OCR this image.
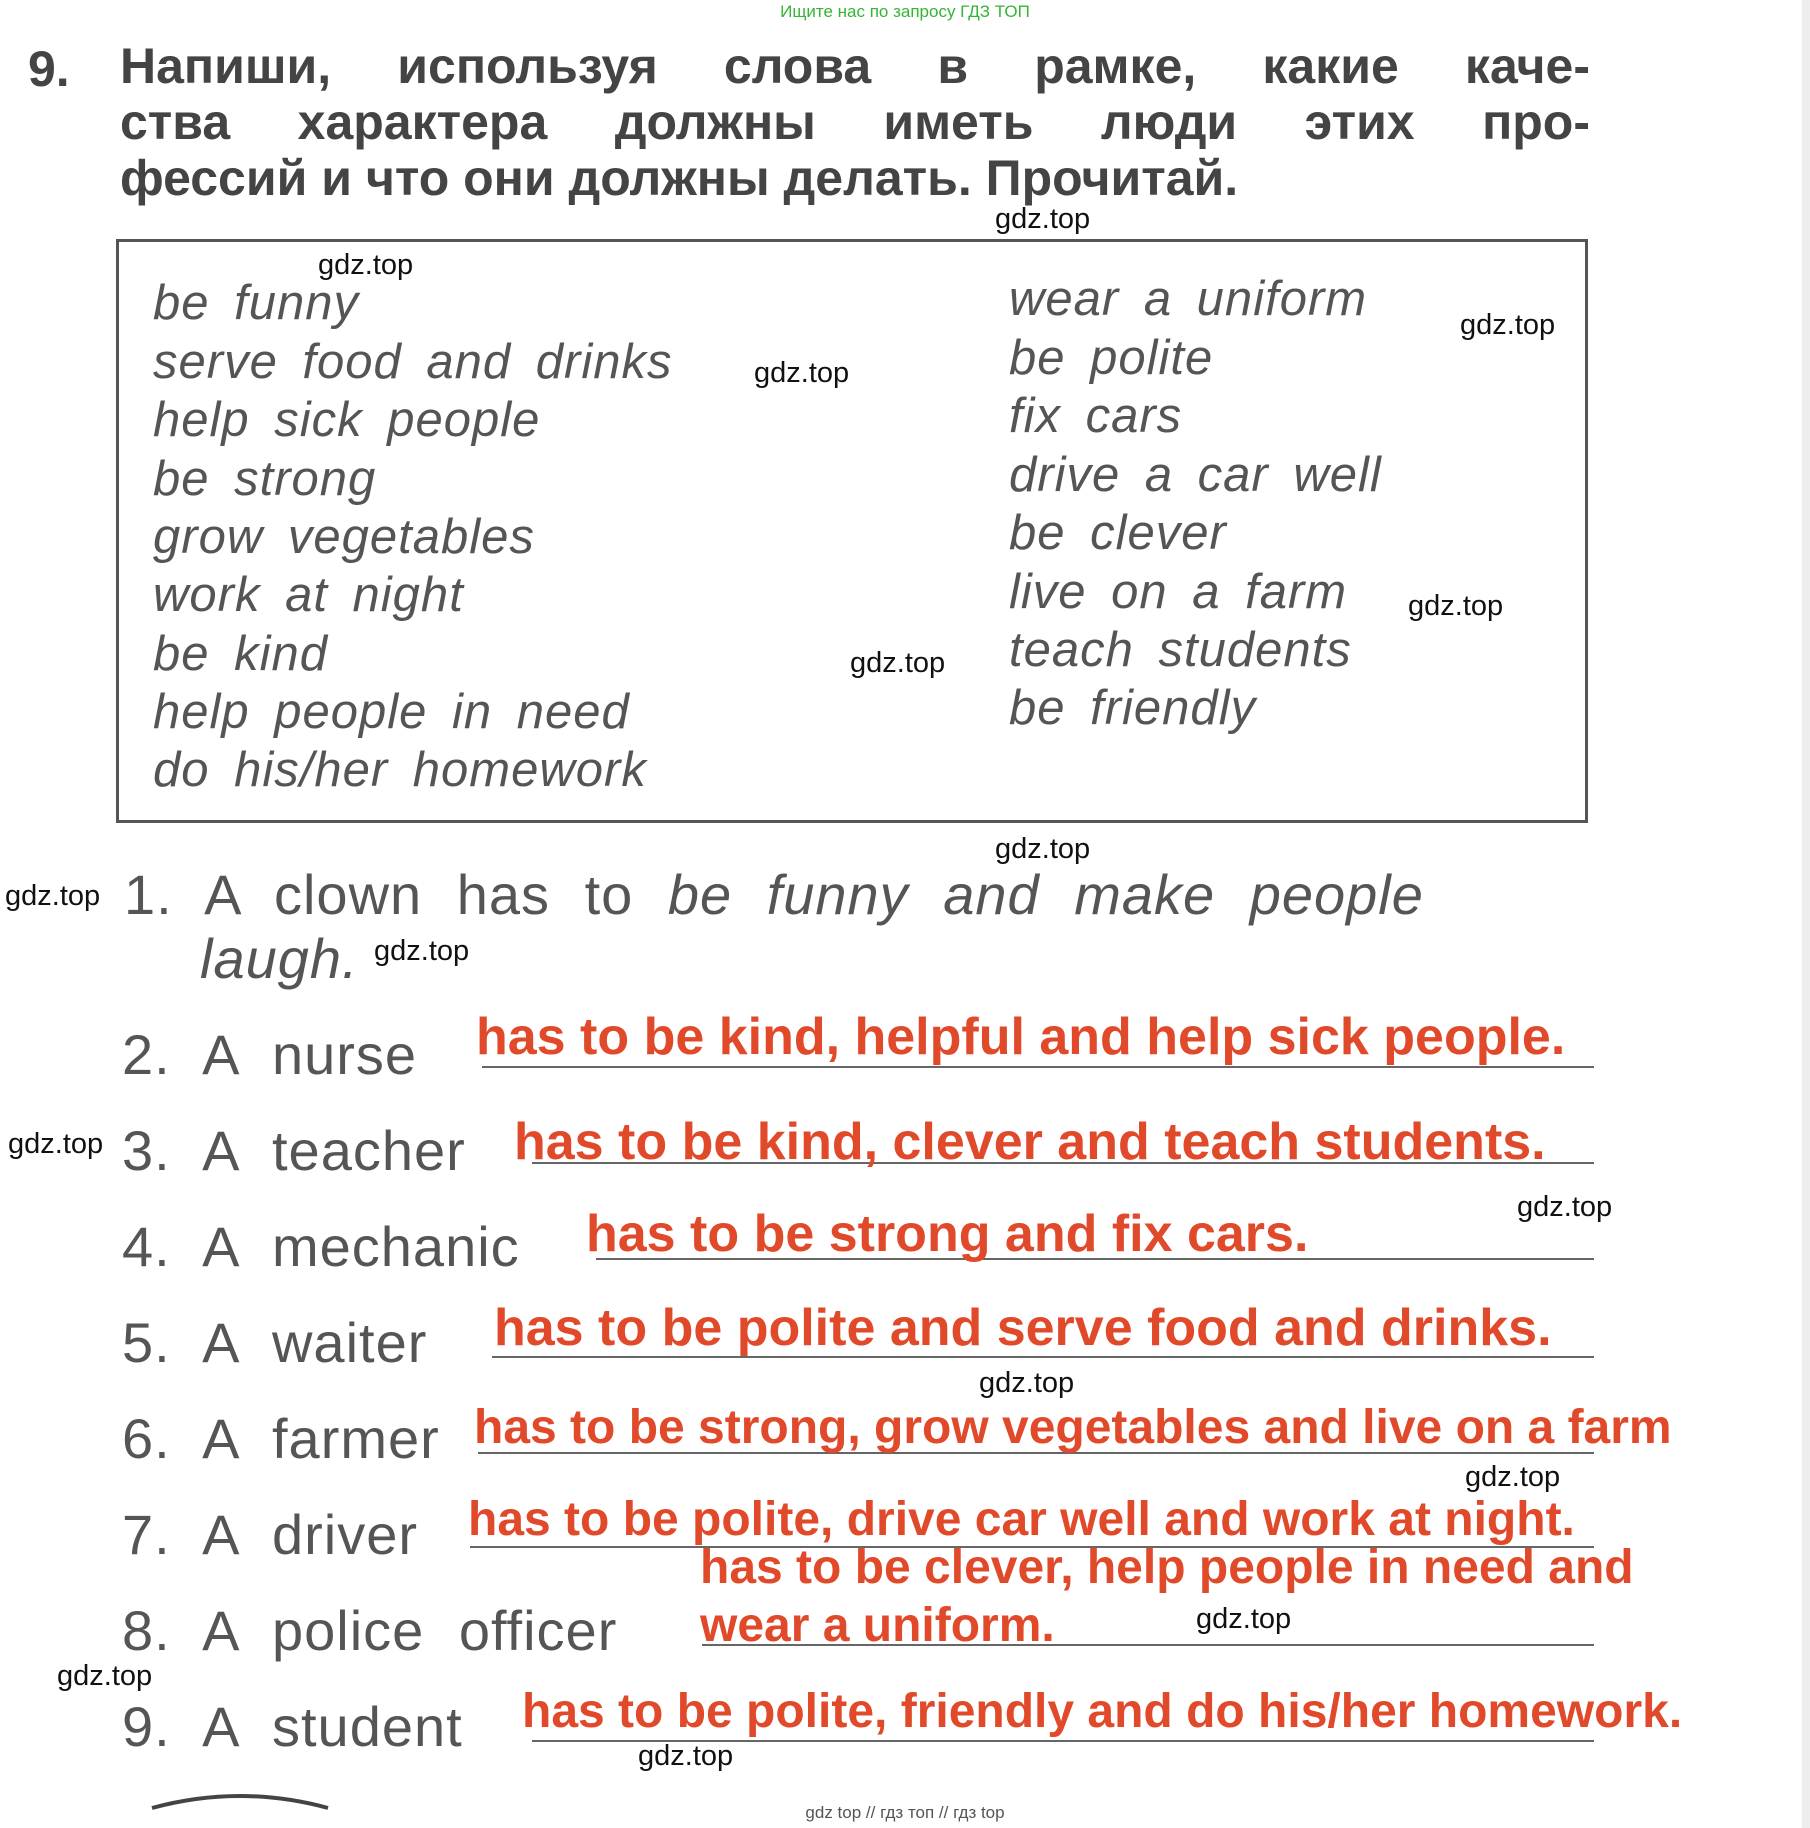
Ищите нас по запросу ГДЗ ТОП
9. Напиши, используя слова в рамке, какие каче-
ства характера должны иметь люди этих про-
фессий и что они должны делать. Прочитай.
be funny
serve food and drinks
help sick people
be strong
grow vegetables
work at night
be kind
help people in need
do his/her homework
wear a uniform
be polite
fix cars
drive a car well
be clever
live on a farm
teach students
be friendly
1. A clown has to be funny and make people
laugh.
2. A nurse has to be kind, helpful and help sick people.
3. A teacher has to be kind, clever and teach students.
4. A mechanic has to be strong and fix cars.
5. A waiter has to be polite and serve food and drinks.
6. A farmer has to be strong, grow vegetables and live on a farm
7. A driver has to be polite, drive car well and work at night.
8. A police officer
has to be clever, help people in need and
wear a uniform.
9. A student has to be polite, friendly and do his/her homework.
gdz.top
gdz.top
gdz.top
gdz.top
gdz.top
gdz.top
gdz.top
gdz.top
gdz.top
gdz.top
gdz.top
gdz.top
gdz.top
gdz.top
gdz.top
gdz.top
gdz top // гдз топ // гдз top
